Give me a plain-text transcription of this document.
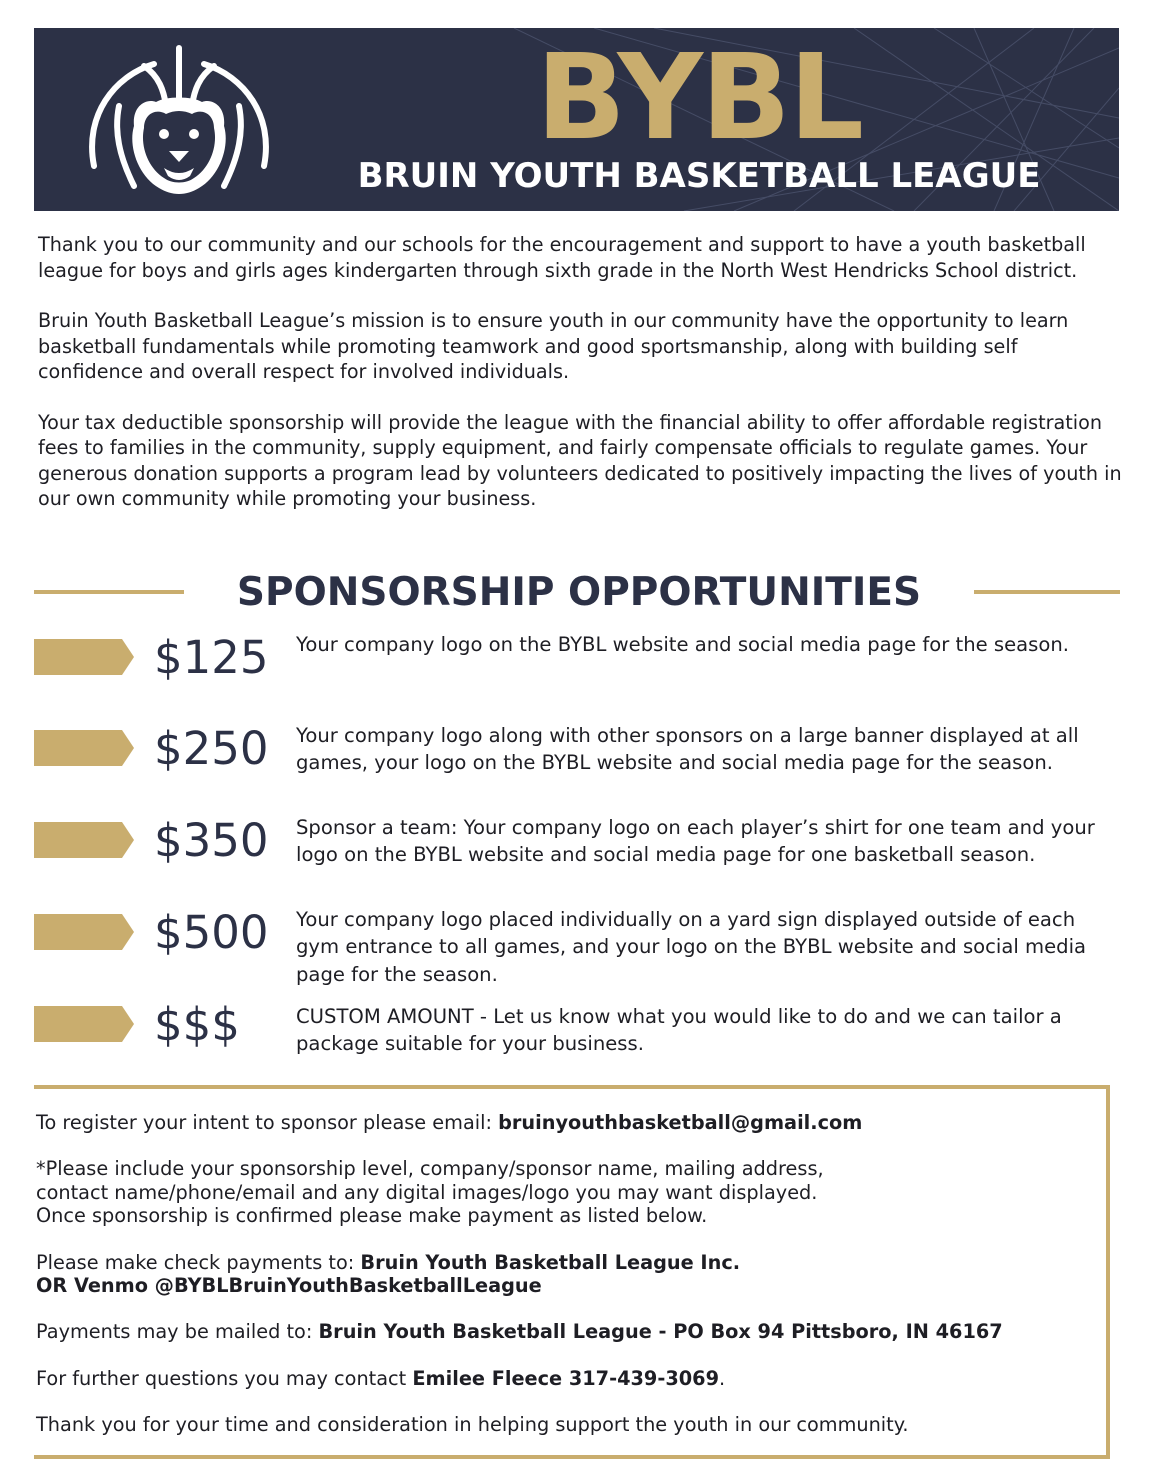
BYBL
BRUIN YOUTH BASKETBALL LEAGUE

Thank you to our community and our schools for the encouragement and support to have a youth basketball league for boys and girls ages kindergarten through sixth grade in the North West Hendricks School district.

Bruin Youth Basketball League’s mission is to ensure youth in our community have the opportunity to learn basketball fundamentals while promoting teamwork and good sportsmanship, along with building self confidence and overall respect for involved individuals.

Your tax deductible sponsorship will provide the league with the financial ability to offer affordable registration fees to families in the community, supply equipment, and fairly compensate officials to regulate games. Your generous donation supports a program lead by volunteers dedicated to positively impacting the lives of youth in our own community while promoting your business.

SPONSORSHIP OPPORTUNITIES
$125 Your company logo on the BYBL website and social media page for the season.
$250 Your company logo along with other sponsors on a large banner displayed at all games, your logo on the BYBL website and social media page for the season.
$350 Sponsor a team: Your company logo on each player’s shirt for one team and your logo on the BYBL website and social media page for one basketball season.
$500 Your company logo placed individually on a yard sign displayed outside of each gym entrance to all games, and your logo on the BYBL website and social media page for the season.
$$$	CUSTOM AMOUNT - Let us know what you would like to do and we can tailor a package suitable for your business.

To register your intent to sponsor please email: bruinyouthbasketball@gmail.com

*Please include your sponsorship level, company/sponsor name, mailing address,
contact name/phone/email and any digital images/logo you may want displayed.
Once sponsorship is confirmed please make payment as listed below.

Please make check payments to: Bruin Youth Basketball League Inc.
OR Venmo @BYBLBruinYouthBasketballLeague

Payments may be mailed to: Bruin Youth Basketball League - PO Box 94 Pittsboro, IN 46167

For further questions you may contact Emilee Fleece 317-439-3069.

Thank you for your time and consideration in helping support the youth in our community.
